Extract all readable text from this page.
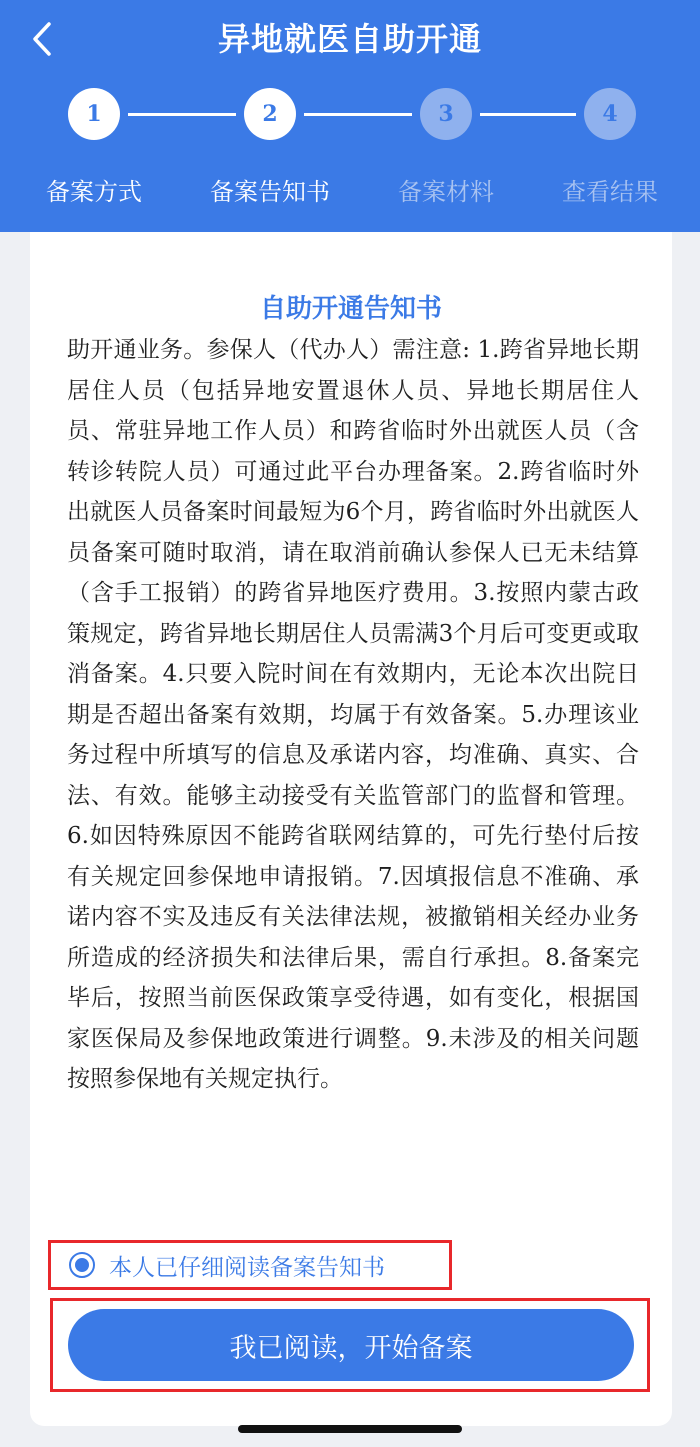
异地就医自助开通
1	2	3	4
备案方式	备案告知书	备案材料	查看结果
自助开通告知书
助开通业务。参保人（代办人）需注意: 1.跨省异地长期居住人员（包括异地安置退休人员、异地长期居住人员、常驻异地工作人员）和跨省临时外出就医人员（含转诊转院人员）可通过此平台办理备案。2.跨省临时外出就医人员备案时间最短为6个月，跨省临时外出就医人员备案可随时取消，请在取消前确认参保人已无未结算（含手工报销）的跨省异地医疗费用。3.按照内蒙古政策规定，跨省异地长期居住人员需满3个月后可变更或取消备案。4.只要入院时间在有效期内，无论本次出院日期是否超出备案有效期，均属于有效备案。5.办理该业务过程中所填写的信息及承诺内容，均准确、真实、合法、有效。能够主动接受有关监管部门的监督和管理。6.如因特殊原因不能跨省联网结算的，可先行垫付后按有关规定回参保地申请报销。7.因填报信息不准确、承诺内容不实及违反有关法律法规，被撤销相关经办业务所造成的经济损失和法律后果，需自行承担。8.备案完毕后，按照当前医保政策享受待遇，如有变化，根据国家医保局及参保地政策进行调整。9.未涉及的相关问题按照参保地有关规定执行。
本人已仔细阅读备案告知书
我已阅读，开始备案
